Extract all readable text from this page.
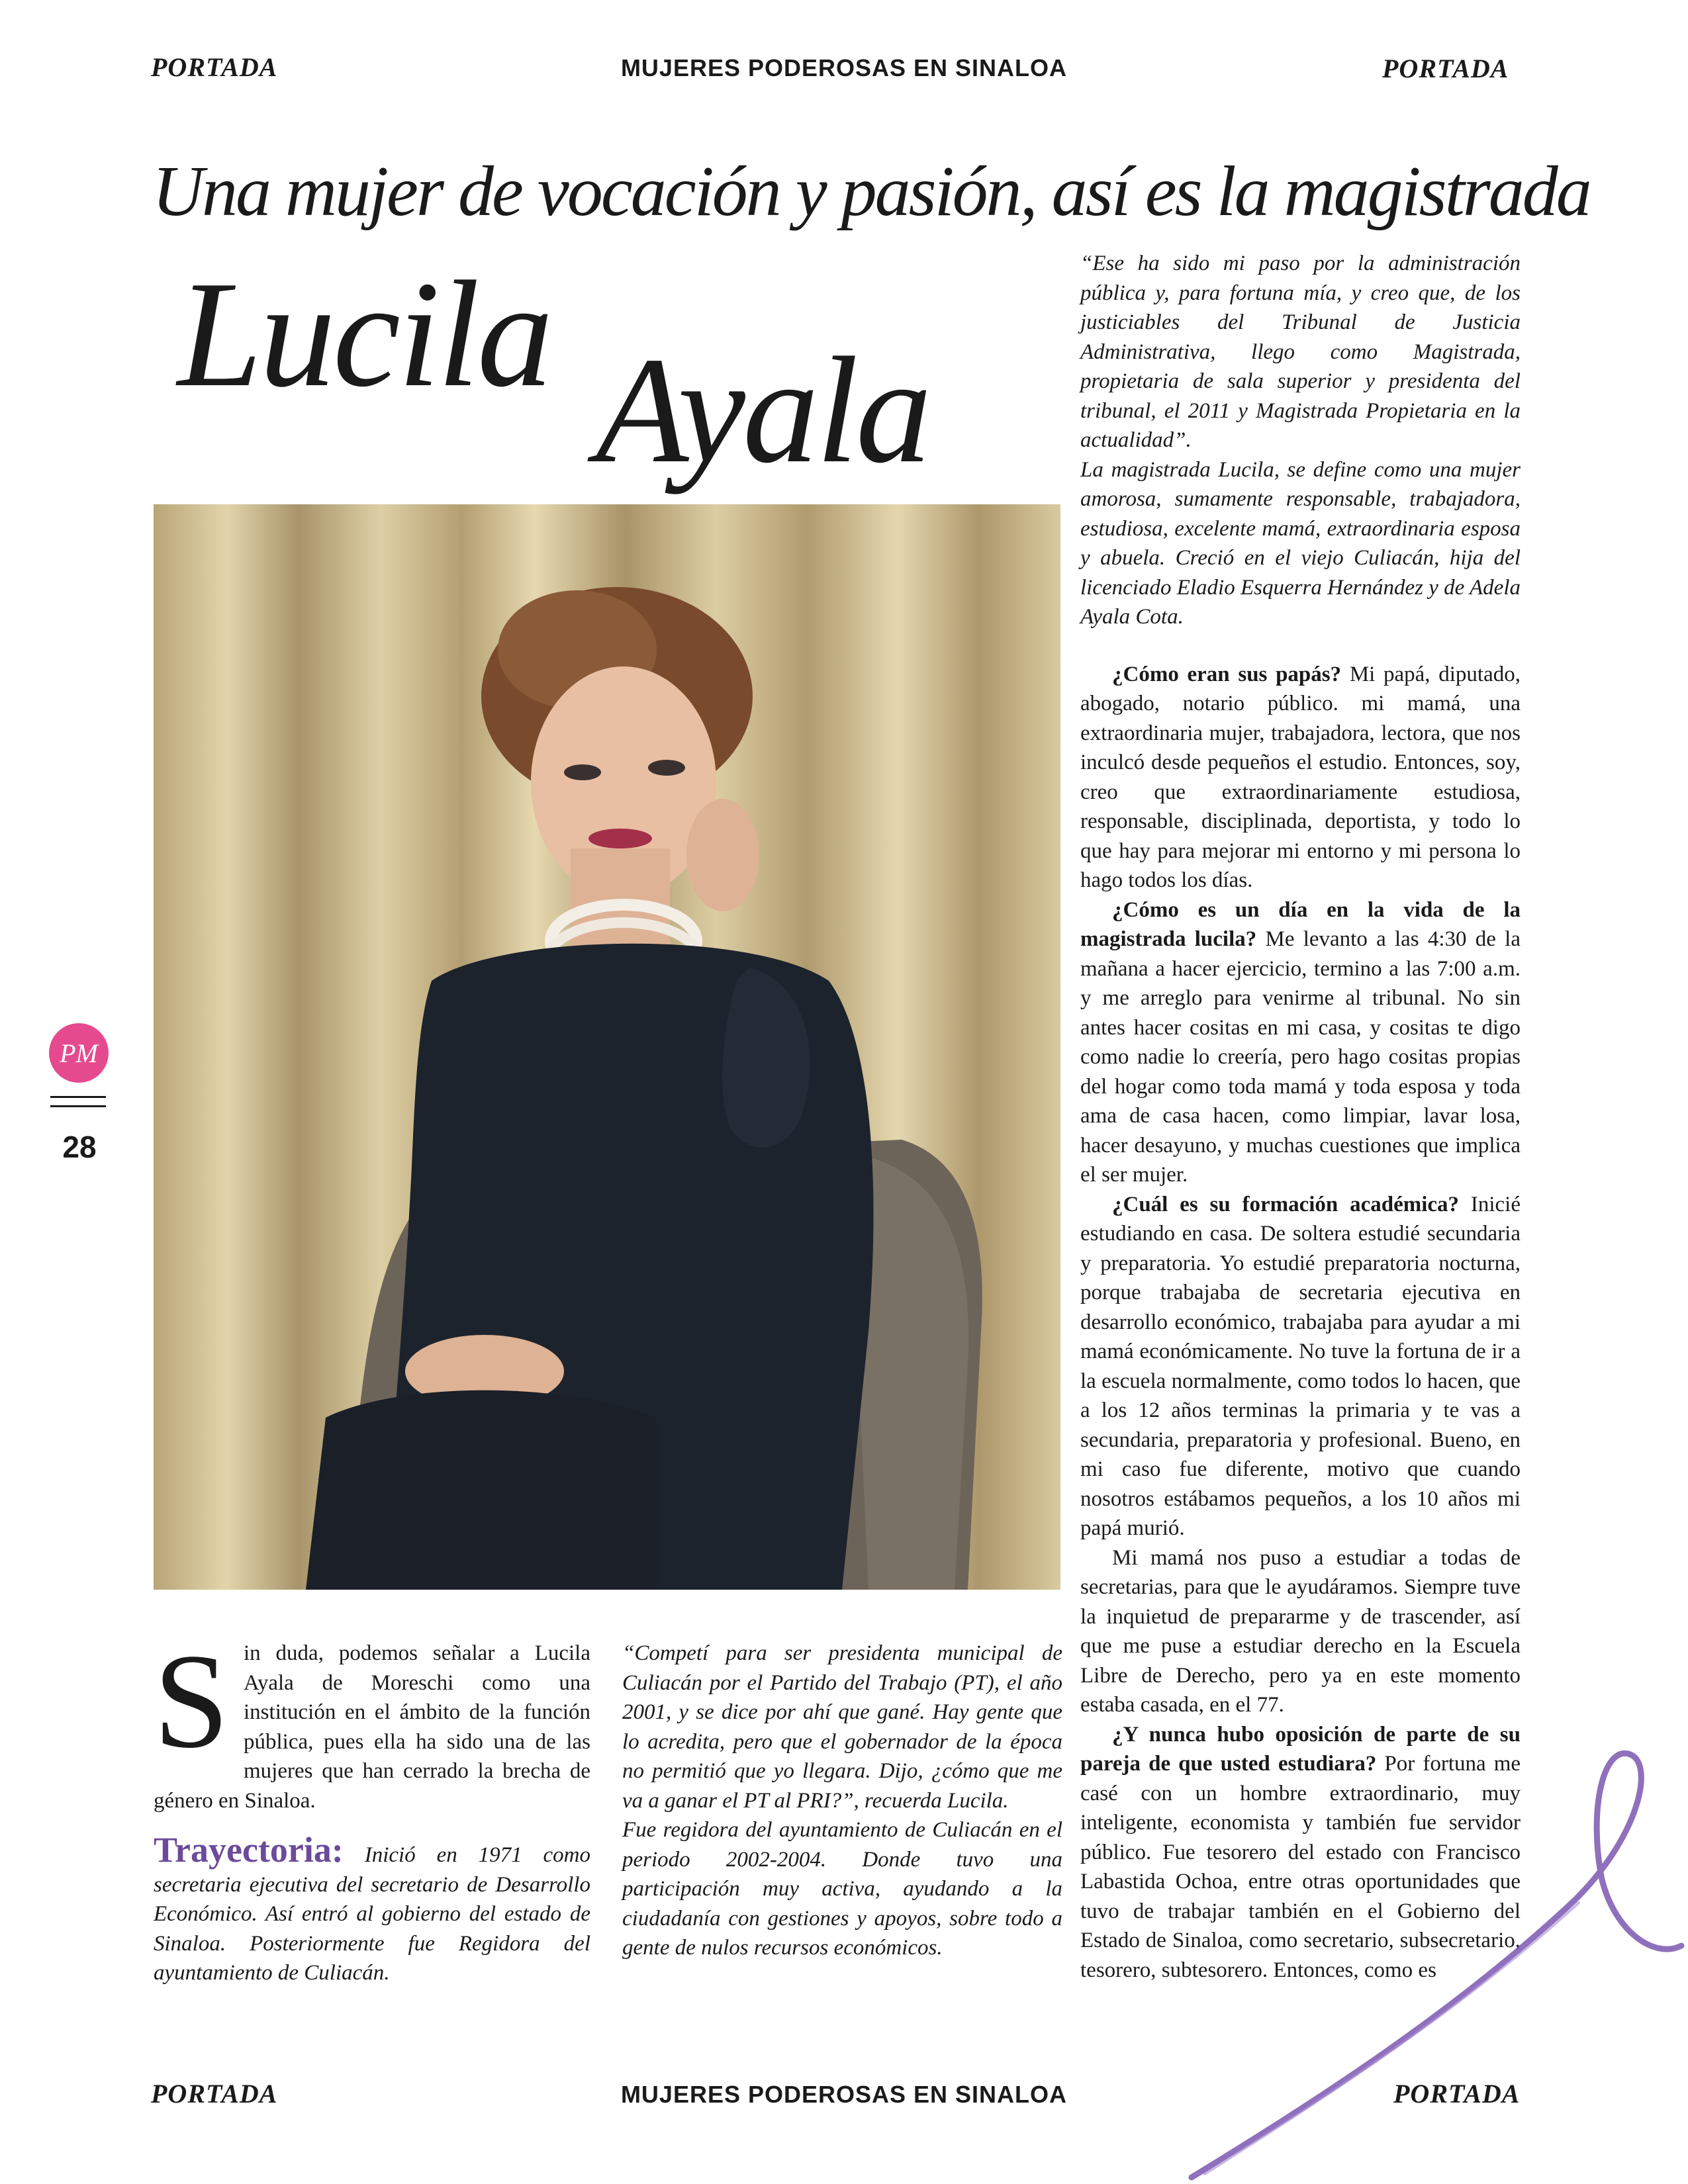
PORTADA	MUJERES PODEROSAS EN SINALOA	PORTADA
Una mujer de vocación y pasión, así es la magistrada
Lucila Ayala

Sin duda, podemos señalar a Lucila Ayala de Moreschi como una institución en el ámbito de la función pública, pues ella ha sido una de las mujeres que han cerrado la brecha de género en Sinaloa.

Trayectoria: Inició en 1971 como secretaria ejecutiva del secretario de Desarrollo Económico. Así entró al gobierno del estado de Sinaloa. Posteriormente fue Regidora del ayuntamiento de Culiacán.

“Competí para ser presidenta municipal de Culiacán por el Partido del Trabajo (PT), el año 2001, y se dice por ahí que gané. Hay gente que lo acredita, pero que el gobernador de la época no permitió que yo llegara. Dijo, ¿cómo que me va a ganar el PT al PRI?”, recuerda Lucila.

Fue regidora del ayuntamiento de Culiacán en el periodo 2002-2004. Donde tuvo una participación muy activa, ayudando a la ciudadanía con gestiones y apoyos, sobre todo a gente de nulos recursos económicos.

“Ese ha sido mi paso por la administración pública y, para fortuna mía, y creo que, de los justiciables del Tribunal de Justicia Administrativa, llego como Magistrada, propietaria de sala superior y presidenta del tribunal, el 2011 y Magistrada Propietaria en la actualidad”.

La magistrada Lucila, se define como una mujer amorosa, sumamente responsable, trabajadora, estudiosa, excelente mamá, extraordinaria esposa y abuela. Creció en el viejo Culiacán, hija del licenciado Eladio Esquerra Hernández y de Adela Ayala Cota.

¿Cómo eran sus papás? Mi papá, diputado, abogado, notario público. mi mamá, una extraordinaria mujer, trabajadora, lectora, que nos inculcó desde pequeños el estudio. Entonces, soy, creo que extraordinariamente estudiosa, responsable, disciplinada, deportista, y todo lo que hay para mejorar mi entorno y mi persona lo hago todos los días.

¿Cómo es un día en la vida de la magistrada lucila? Me levanto a las 4:30 de la mañana a hacer ejercicio, termino a las 7:00 a.m. y me arreglo para venirme al tribunal. No sin antes hacer cositas en mi casa, y cositas te digo como nadie lo creería, pero hago cositas propias del hogar como toda mamá y toda esposa y toda ama de casa hacen, como limpiar, lavar losa, hacer desayuno, y muchas cuestiones que implica el ser mujer.

¿Cuál es su formación académica? Inicié estudiando en casa. De soltera estudié secundaria y preparatoria. Yo estudié preparatoria nocturna, porque trabajaba de secretaria ejecutiva en desarrollo económico, trabajaba para ayudar a mi mamá económicamente. No tuve la fortuna de ir a la escuela normalmente, como todos lo hacen, que a los 12 años terminas la primaria y te vas a secundaria, preparatoria y profesional. Bueno, en mi caso fue diferente, motivo que cuando nosotros estábamos pequeños, a los 10 años mi papá murió.

Mi mamá nos puso a estudiar a todas de secretarias, para que le ayudáramos. Siempre tuve la inquietud de prepararme y de trascender, así que me puse a estudiar derecho en la Escuela Libre de Derecho, pero ya en este momento estaba casada, en el 77.

¿Y nunca hubo oposición de parte de su pareja de que usted estudiara? Por fortuna me casé con un hombre extraordinario, muy inteligente, economista y también fue servidor público. Fue tesorero del estado con Francisco Labastida Ochoa, entre otras oportunidades que tuvo de trabajar también en el Gobierno del Estado de Sinaloa, como secretario, subsecretario, tesorero, subtesorero. Entonces, como es

PM
28
PORTADA	MUJERES PODEROSAS EN SINALOA	PORTADA
